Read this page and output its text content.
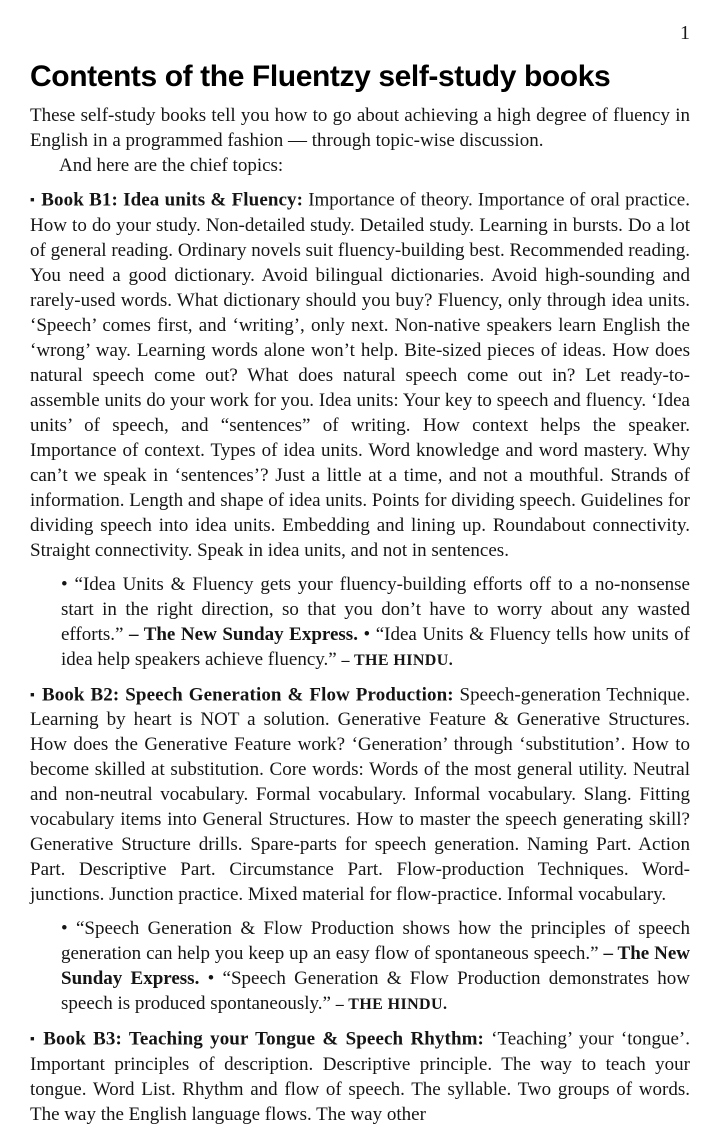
1
Contents of the Fluentzy self-study books

These self-study books tell you how to go about achieving a high degree of fluency in English in a programmed fashion — through topic-wise discussion.

And here are the chief topics:

▪ Book B1: Idea units & Fluency: Importance of theory. Importance of oral practice. How to do your study. Non-detailed study. Detailed study. Learning in bursts. Do a lot of general reading. Ordinary novels suit fluency-building best. Recommended reading. You need a good dictionary. Avoid bilingual dictionaries. Avoid high-sounding and rarely-used words. What dictionary should you buy? Fluency, only through idea units. ‘Speech’ comes first, and ‘writing’, only next. Non-native speakers learn English the ‘wrong’ way. Learning words alone won’t help. Bite-sized pieces of ideas. How does natural speech come out? What does natural speech come out in? Let ready-to-assemble units do your work for you. Idea units: Your key to speech and fluency. ‘Idea units’ of speech, and “sentences” of writing. How context helps the speaker. Importance of context. Types of idea units. Word knowledge and word mastery. Why can’t we speak in ‘sentences’? Just a little at a time, and not a mouthful. Strands of information. Length and shape of idea units. Points for dividing speech. Guidelines for dividing speech into idea units. Embedding and lining up. Roundabout connectivity. Straight connectivity. Speak in idea units, and not in sentences.

• “Idea Units & Fluency gets your fluency-building efforts off to a no-nonsense start in the right direction, so that you don’t have to worry about any wasted efforts.” – The New Sunday Express. • “Idea Units & Fluency tells how units of idea help speakers achieve fluency.” – THE HINDU.

▪ Book B2: Speech Generation & Flow Production: Speech-generation Technique. Learning by heart is NOT a solution. Generative Feature & Generative Structures. How does the Generative Feature work? ‘Generation’ through ‘substitution’. How to become skilled at substitution. Core words: Words of the most general utility. Neutral and non-neutral vocabulary. Formal vocabulary. Informal vocabulary. Slang. Fitting vocabulary items into General Structures. How to master the speech generating skill? Generative Structure drills. Spare-parts for speech generation. Naming Part. Action Part. Descriptive Part. Circumstance Part. Flow-production Techniques. Word-junctions. Junction practice. Mixed material for flow-practice. Informal vocabulary.

• “Speech Generation & Flow Production shows how the principles of speech generation can help you keep up an easy flow of spontaneous speech.” – The New Sunday Express. • “Speech Generation & Flow Production demonstrates how speech is produced spontaneously.” – THE HINDU.

▪ Book B3: Teaching your Tongue & Speech Rhythm: ‘Teaching’ your ‘tongue’. Important principles of description. Descriptive principle. The way to teach your tongue. Word List. Rhythm and flow of speech. The syllable. Two groups of words. The way the English language flows. The way other
